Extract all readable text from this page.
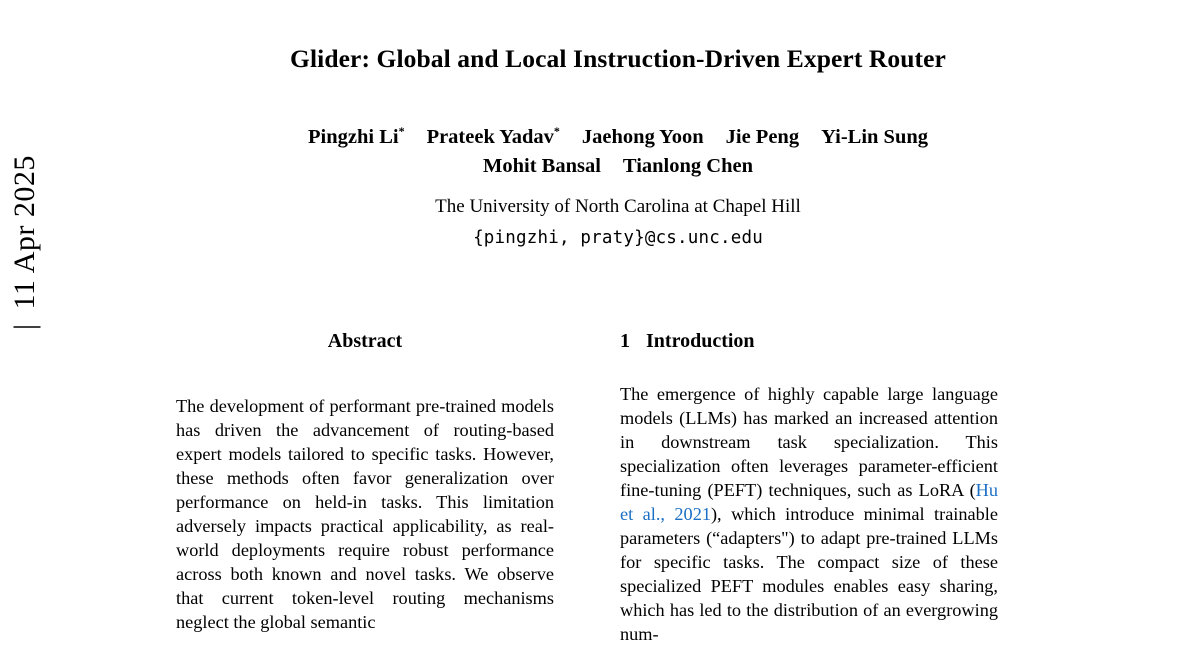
|11 Apr 2025
Glider: Global and Local Instruction-Driven Expert Router
Pingzhi Li* Prateek Yadav* Jaehong Yoon Jie Peng Yi-Lin Sung
Mohit Bansal Tianlong Chen
The University of North Carolina at Chapel Hill
{pingzhi, praty}@cs.unc.edu
Abstract

The development of performant pre-trained models has driven the advancement of routing-based expert models tailored to specific tasks. However, these methods often favor generalization over performance on held-in tasks. This limitation adversely impacts practical applicability, as real-world deployments require robust performance across both known and novel tasks. We observe that current token-level routing mechanisms neglect the global semantic

1 Introduction

The emergence of highly capable large language models (LLMs) has marked an increased attention in downstream task specialization. This specialization often leverages parameter-efficient fine-tuning (PEFT) techniques, such as LoRA (Hu et al., 2021), which introduce minimal trainable parameters (“adapters") to adapt pre-trained LLMs for specific tasks. The compact size of these specialized PEFT modules enables easy sharing, which has led to the distribution of an evergrowing num-
